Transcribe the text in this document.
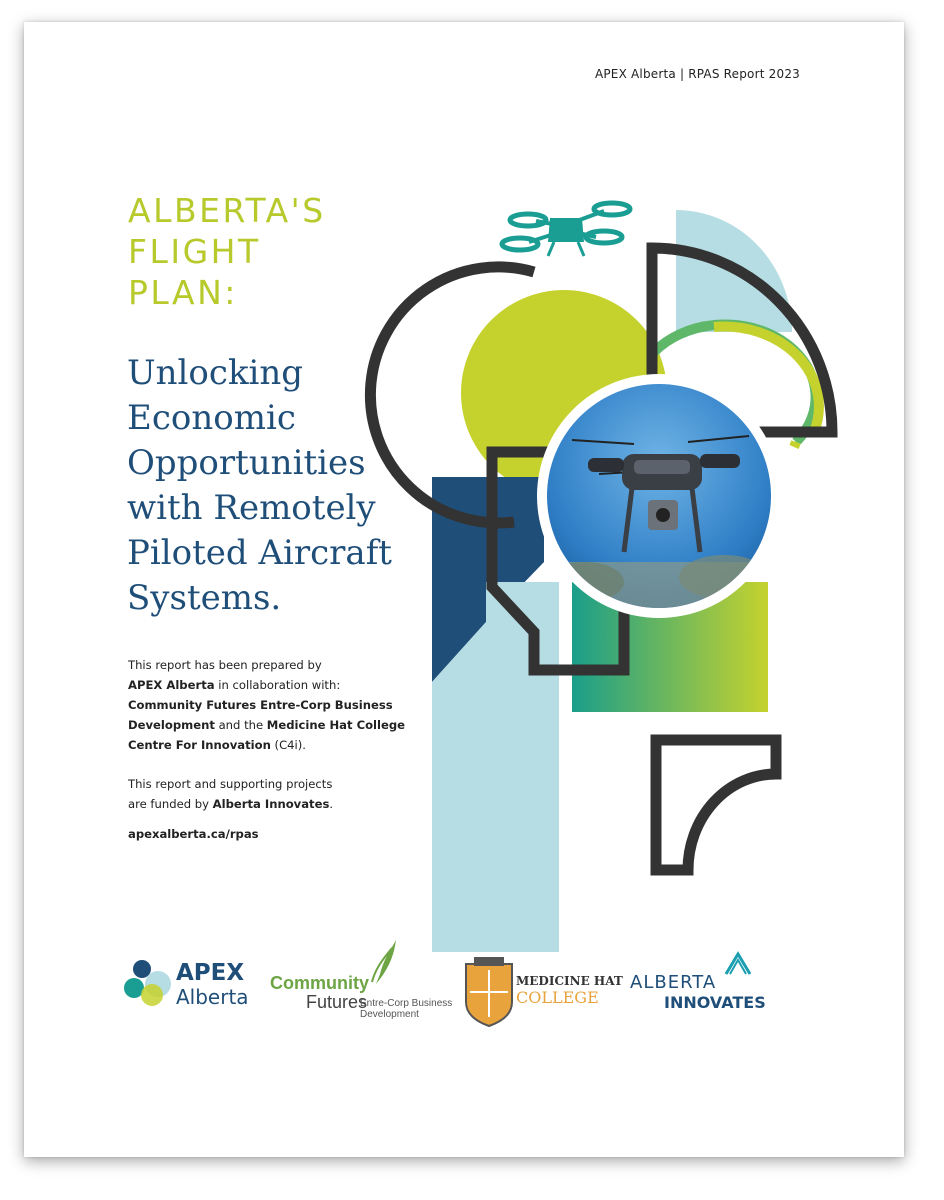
APEX Alberta | RPAS Report 2023
ALBERTA'S
FLIGHT
PLAN:
Unlocking
Economic
Opportunities
with Remotely
Piloted Aircraft
Systems.

This report has been prepared by

APEX Alberta in collaboration with:

Community Futures Entre-Corp Business

Development and the Medicine Hat College

Centre For Innovation (C4i).

This report and supporting projects

are funded by Alberta Innovates.

apexalberta.ca/rpas
APEX
Alberta
Community
Futures
Entre-Corp Business
Development
MEDICINE HAT
COLLEGE
ALBERTA
INNOVATES
